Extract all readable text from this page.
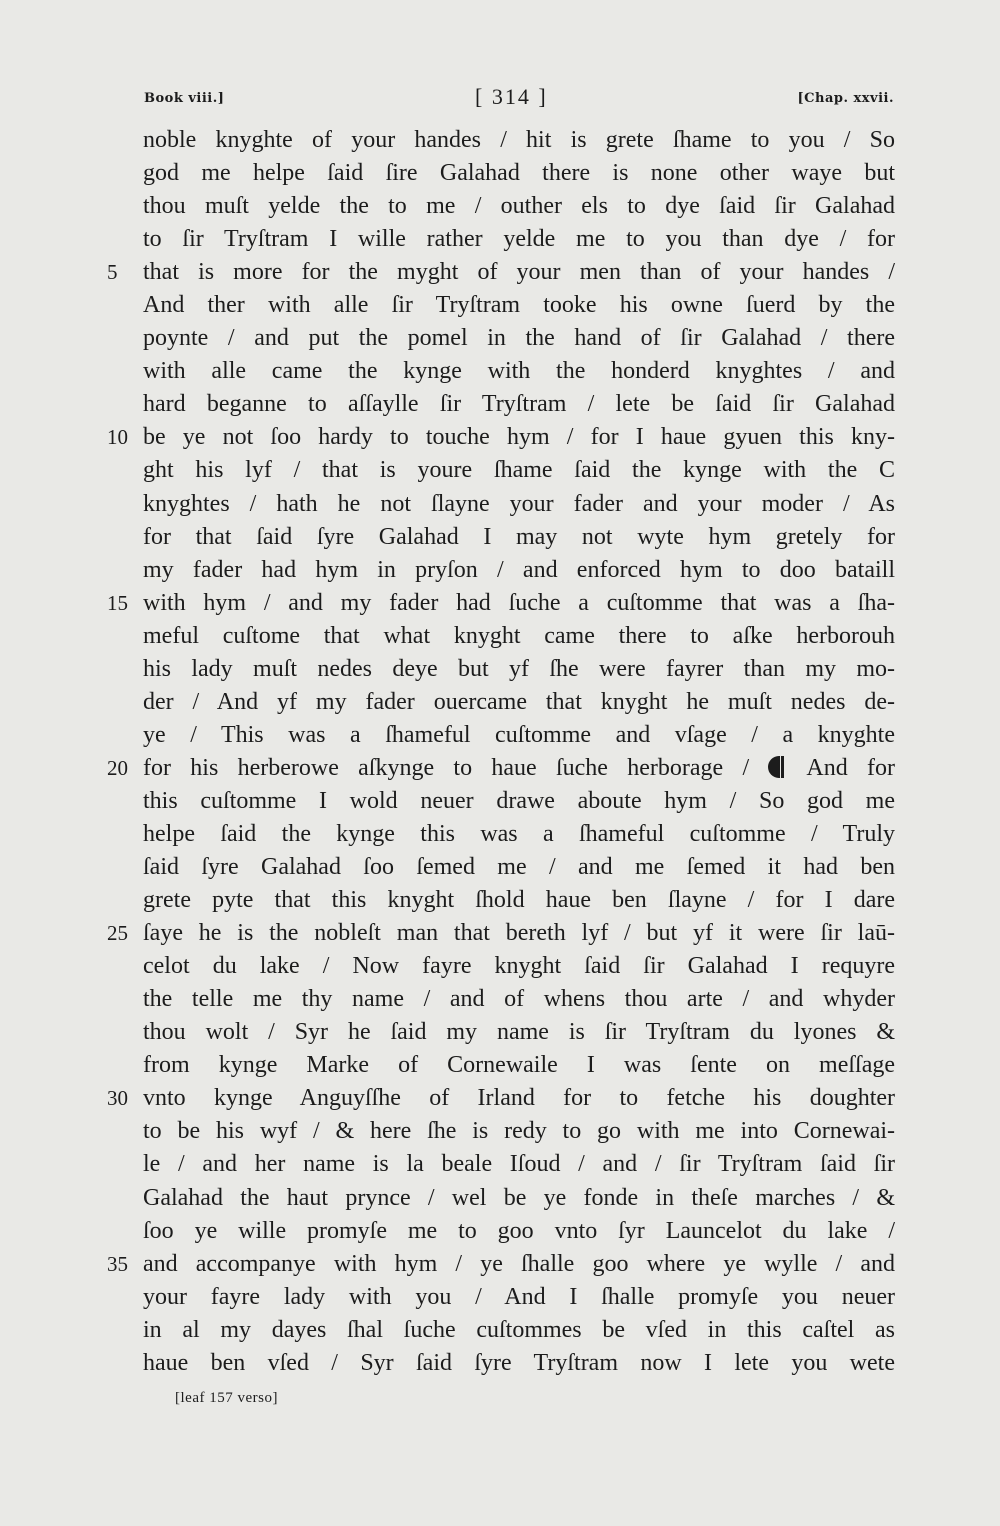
Book viii.]	[ 314 ]	[Chap. xxvii.
noble knyghte of your handes / hit is grete ſhame to you / So
god me helpe ſaid ſire Galahad there is none other waye but
thou muſt yelde the to me / outher els to dye ſaid ſir Galahad
to ſir Tryſtram I wille rather yelde me to you than dye / for
5	that is more for the myght of your men than of your handes /
And ther with alle ſir Tryſtram tooke his owne ſuerd by the
poynte / and put the pomel in the hand of ſir Galahad / there
with alle came the kynge with the honderd knyghtes / and
hard beganne to aſſaylle ſir Tryſtram / lete be ſaid ſir Galahad
10 be ye not ſoo hardy to touche hym / for I haue gyuen this kny-
ght his lyf / that is youre ſhame ſaid the kynge with the C
knyghtes / hath he not ſlayne your fader and your moder / As
for that ſaid ſyre Galahad I may not wyte hym gretely for
my fader had hym in pryſon / and enforced hym to doo bataill
15 with hym / and my fader had ſuche a cuſtomme that was a ſha-
meful cuſtome that what knyght came there to aſke herborouh
his lady muſt nedes deye but yf ſhe were fayrer than my mo-
der / And yf my fader ouercame that knyght he muſt nedes de-
ye / This was a ſhameful cuſtomme and vſage / a knyghte
20 for his herberowe aſkynge to haue ſuche herborage /  And for
this cuſtomme I wold neuer drawe aboute hym / So god me
helpe ſaid the kynge this was a ſhameful cuſtomme / Truly
ſaid ſyre Galahad ſoo ſemed me / and me ſemed it had ben
grete pyte that this knyght ſhold haue ben ſlayne / for I dare
25 ſaye he is the nobleſt man that bereth lyf / but yf it were ſir laū-
celot du lake / Now fayre knyght ſaid ſir Galahad I requyre
the telle me thy name / and of whens thou arte / and whyder
thou wolt / Syr he ſaid my name is ſir Tryſtram du lyones &
from kynge Marke of Cornewaile I was ſente on meſſage
30 vnto kynge Anguyſſhe of Irland for to fetche his doughter
to be his wyf / & here ſhe is redy to go with me into Cornewai-
le / and her name is la beale Iſoud / and / ſir Tryſtram ſaid ſir
Galahad the haut prynce / wel be ye fonde in theſe marches / &
ſoo ye wille promyſe me to goo vnto ſyr Launcelot du lake /
35 and accompanye with hym / ye ſhalle goo where ye wylle / and
your fayre lady with you / And I ſhalle promyſe you neuer
in al my dayes ſhal ſuche cuſtommes be vſed in this caſtel as
haue ben vſed / Syr ſaid ſyre Tryſtram now I lete you wete
[leaf 157 verso]
